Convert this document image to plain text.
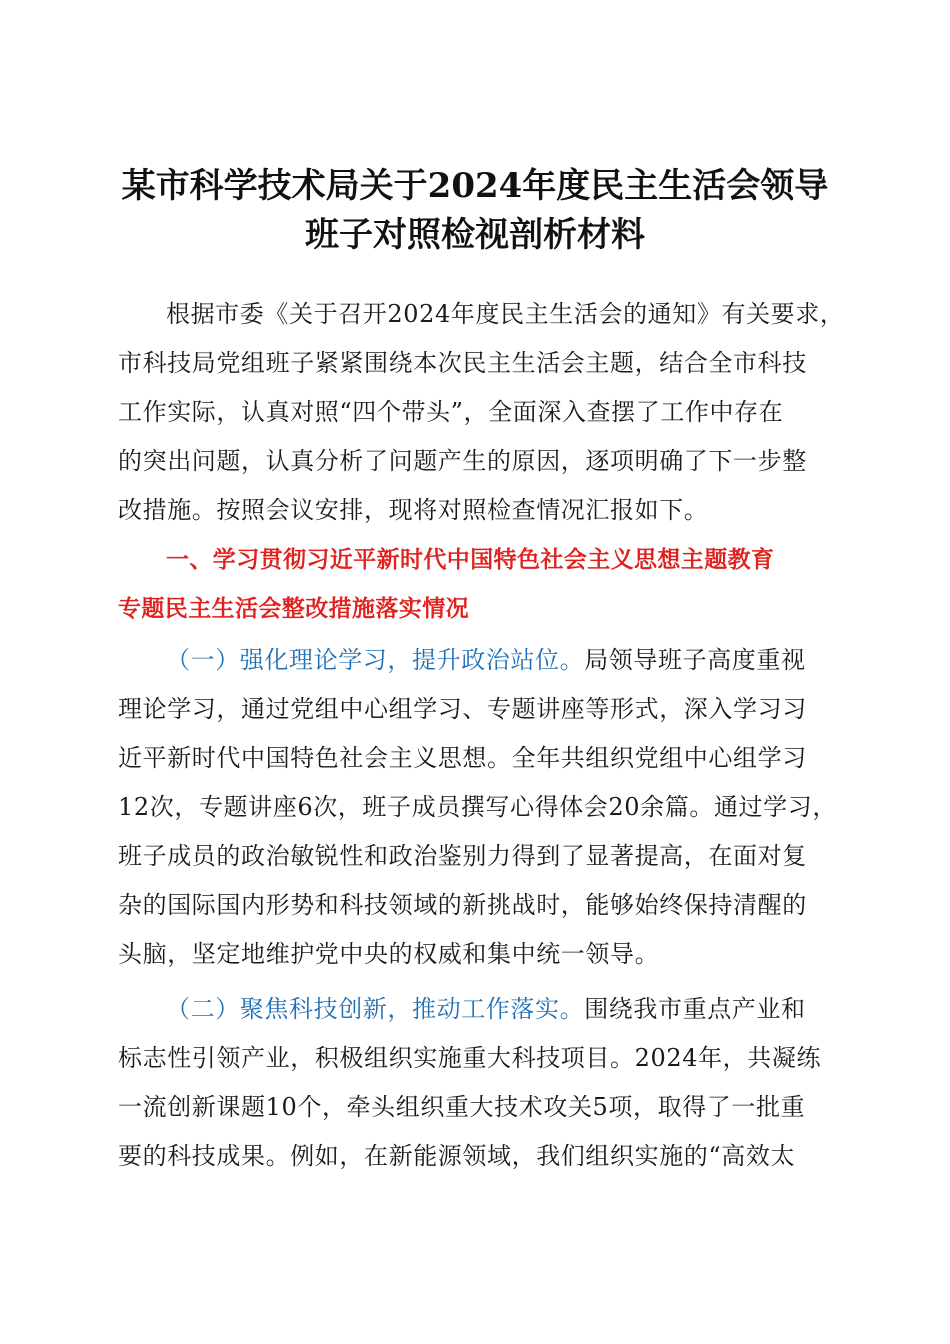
某市科学技术局关于2024年度民主生活会领导
班子对照检视剖析材料
根据市委《关于召开2024年度民主生活会的通知》有关要求，
市科技局党组班子紧紧围绕本次民主生活会主题，结合全市科技
工作实际，认真对照“四个带头”，全面深入查摆了工作中存在
的突出问题，认真分析了问题产生的原因，逐项明确了下一步整
改措施。按照会议安排，现将对照检查情况汇报如下。
一、学习贯彻习近平新时代中国特色社会主义思想主题教育
专题民主生活会整改措施落实情况
（一）强化理论学习，提升政治站位。局领导班子高度重视
理论学习，通过党组中心组学习、专题讲座等形式，深入学习习
近平新时代中国特色社会主义思想。全年共组织党组中心组学习
12次，专题讲座6次，班子成员撰写心得体会20余篇。通过学习，
班子成员的政治敏锐性和政治鉴别力得到了显著提高，在面对复
杂的国际国内形势和科技领域的新挑战时，能够始终保持清醒的
头脑，坚定地维护党中央的权威和集中统一领导。
（二）聚焦科技创新，推动工作落实。围绕我市重点产业和
标志性引领产业，积极组织实施重大科技项目。2024年，共凝练
一流创新课题10个，牵头组织重大技术攻关5项，取得了一批重
要的科技成果。例如，在新能源领域，我们组织实施的“高效太
